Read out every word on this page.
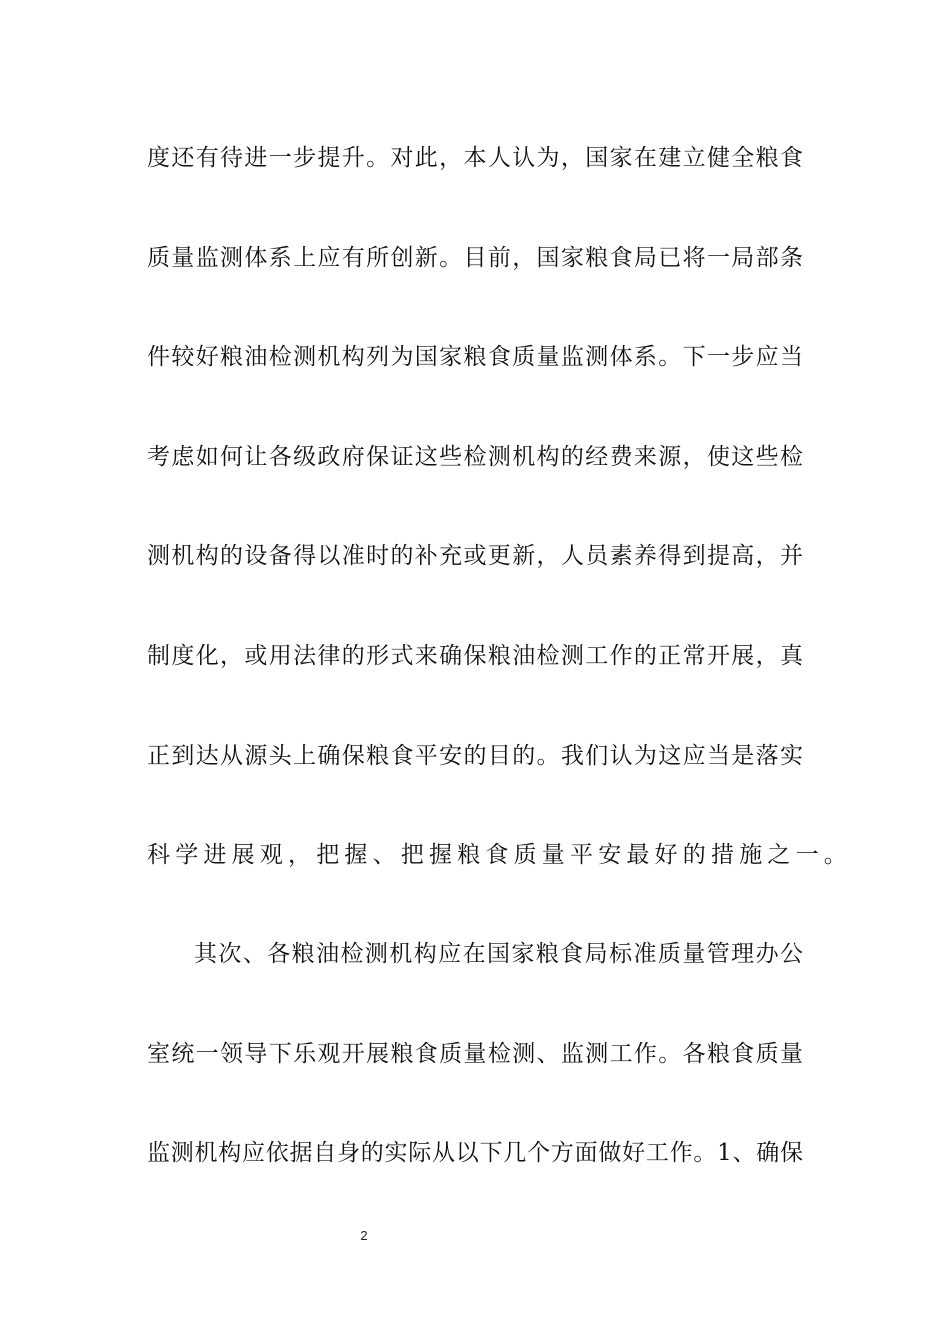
度还有待进一步提升。对此，本人认为，国家在建立健全粮食
质量监测体系上应有所创新。目前，国家粮食局已将一局部条
件较好粮油检测机构列为国家粮食质量监测体系。下一步应当
考虑如何让各级政府保证这些检测机构的经费来源，使这些检
测机构的设备得以准时的补充或更新，人员素养得到提高，并
制度化，或用法律的形式来确保粮油检测工作的正常开展，真
正到达从源头上确保粮食平安的目的。我们认为这应当是落实
科学进展观，把握、把握粮食质量平安最好的措施之一。
其次、各粮油检测机构应在国家粮食局标准质量管理办公
室统一领导下乐观开展粮食质量检测、监测工作。各粮食质量
监测机构应依据自身的实际从以下几个方面做好工作。1、确保
2
